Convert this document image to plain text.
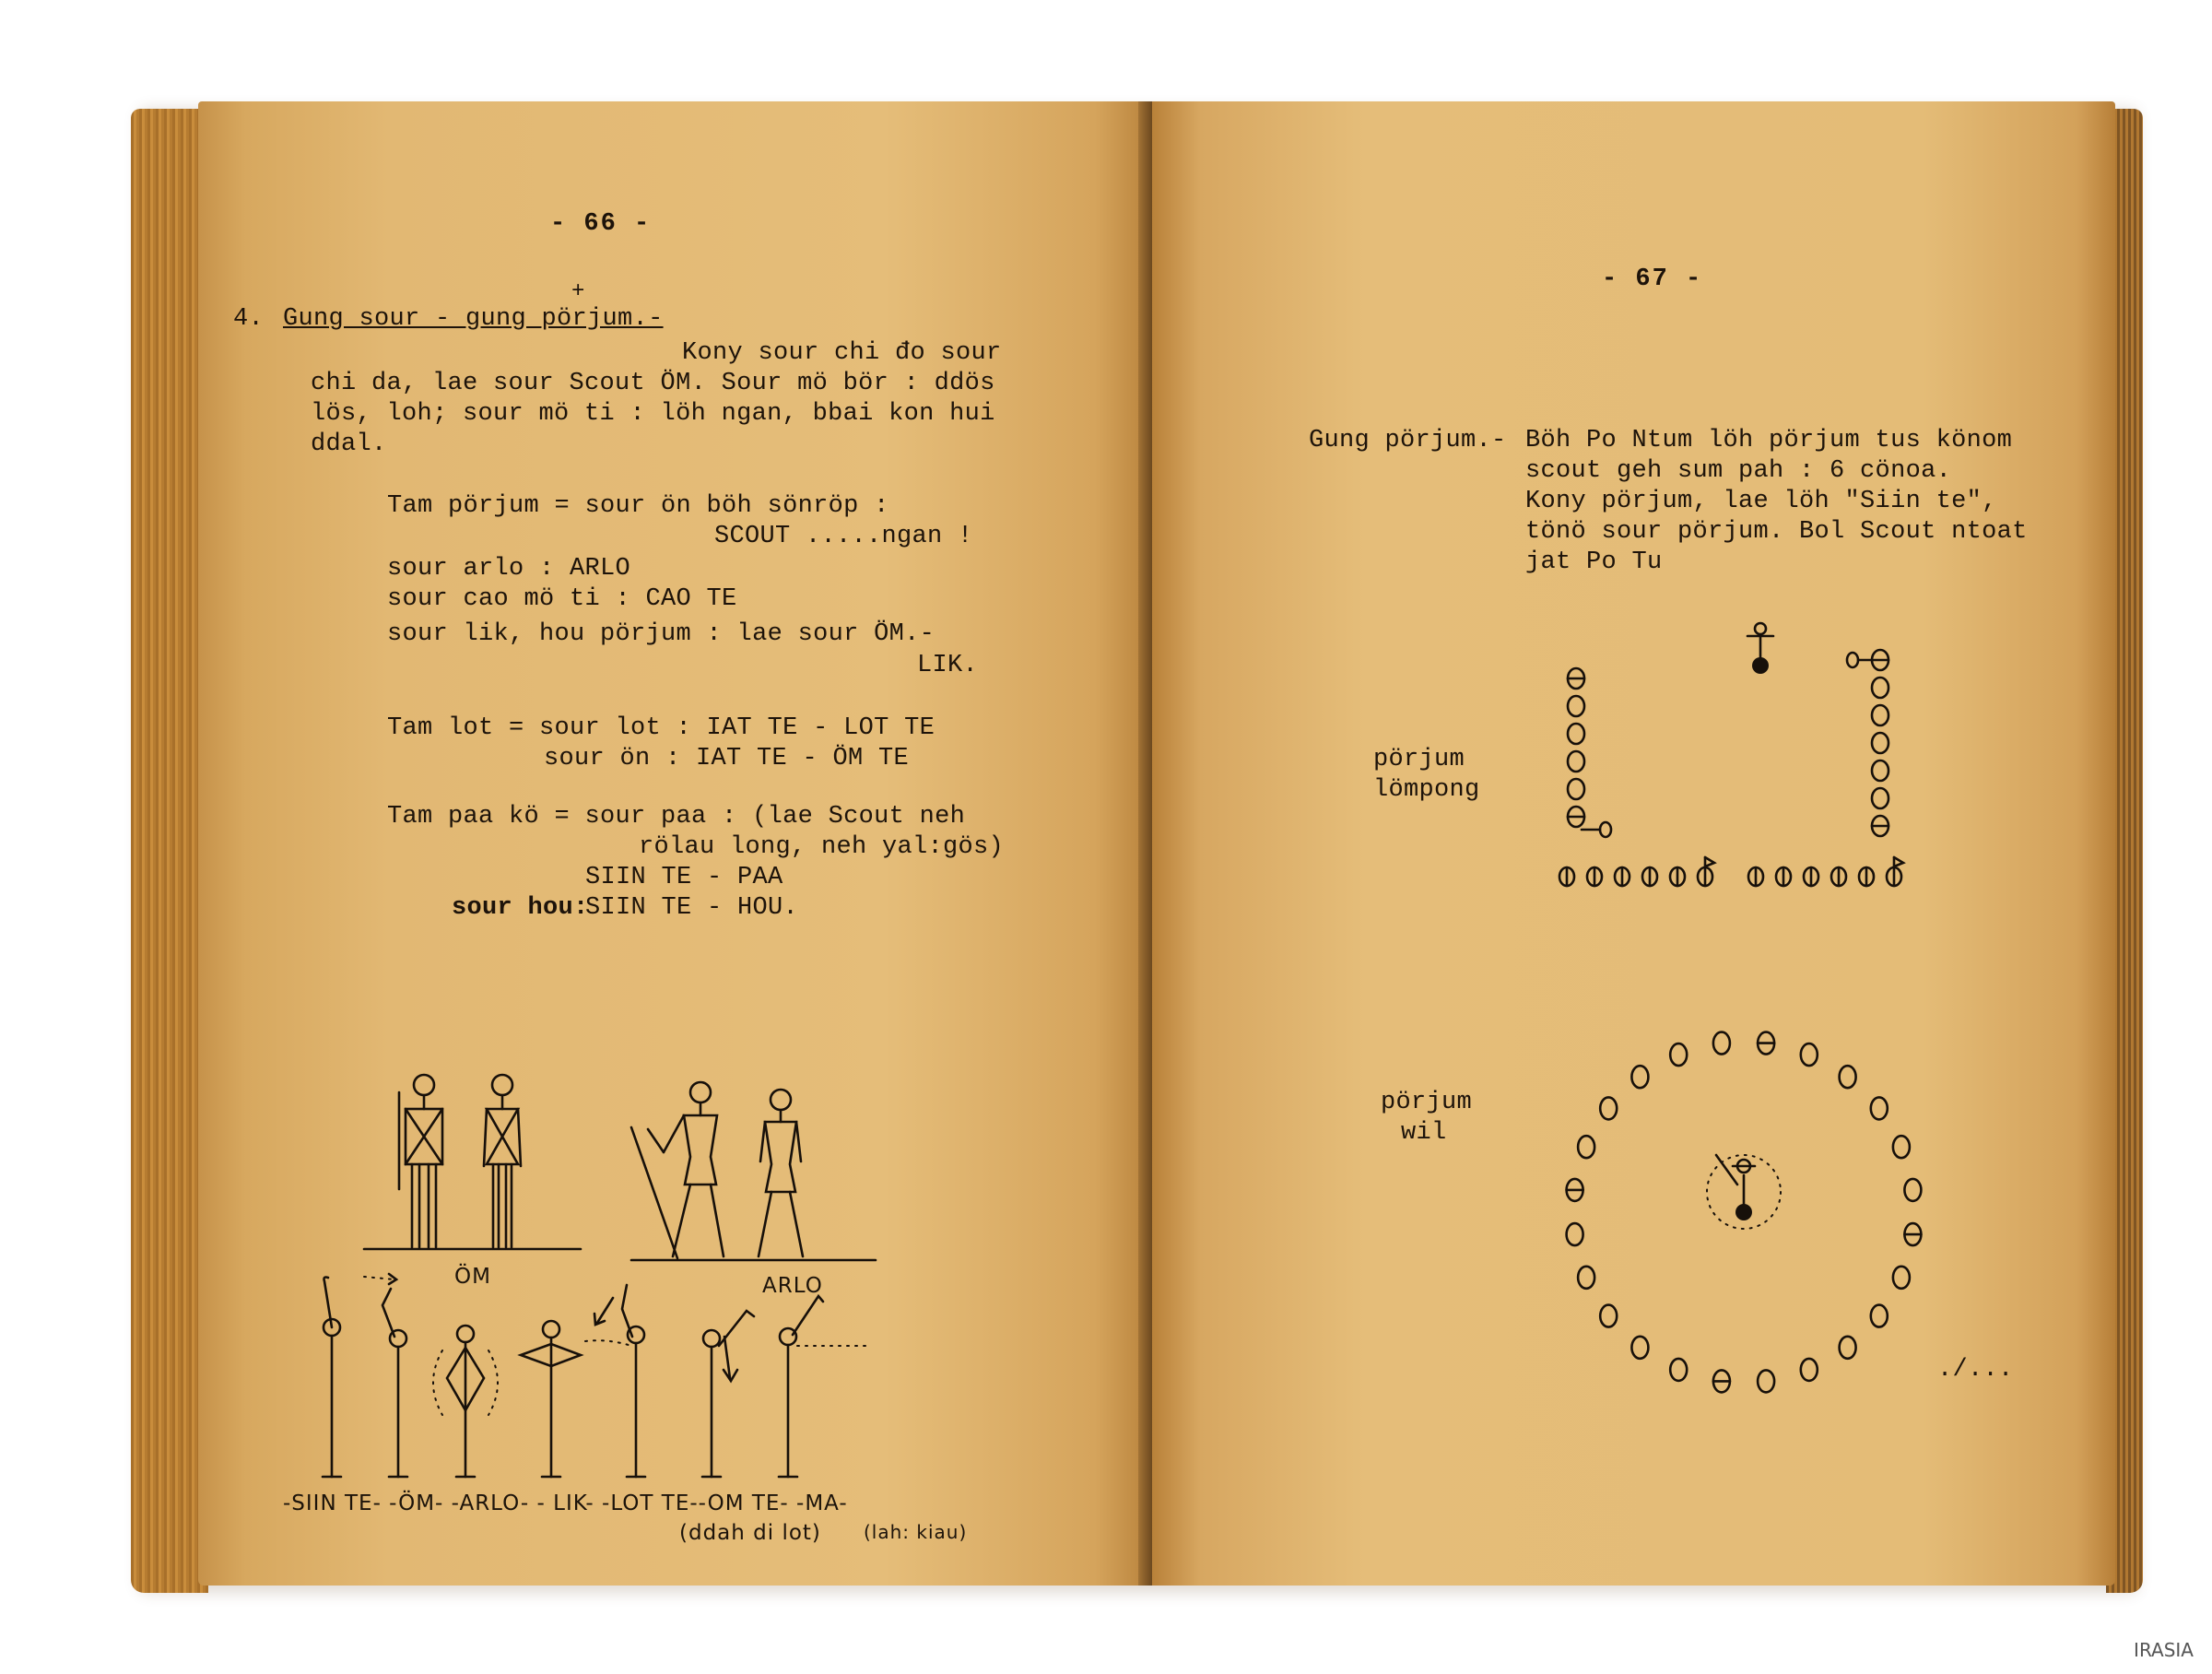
- 66 -
+
4. Gung sour - gung pörjum.-
Kony sour chi đo sour
chi da, lae sour Scout ÖM. Sour mö bör : ddös
lös, loh; sour mö ti : löh ngan, bbai kon hui
ddal.
Tam pörjum = sour ön böh sönröp :
SCOUT .....ngan !
sour arlo : ARLO
sour cao mö ti : CAO TE
sour lik, hou pörjum : lae sour ÖM.-
LIK.
Tam lot = sour lot : IAT TE - LOT TE
sour ön : IAT TE - ÖM TE
Tam paa kö = sour paa : (lae Scout neh
rölau long, neh yal:gös)
SIIN TE - PAA
sour hou:
SIIN TE - HOU.
ÖM	ARLO
-SIIN TE- -ÖM- -ARLO- - LIK- -LOT TE--OM TE- -MA-
(ddah di lot) (lah: kiau)
- 67 -
Gung pörjum.- Böh Po Ntum löh pörjum tus könom
scout geh sum pah : 6 cönoa.
Kony pörjum, lae löh "Siin te",
tönö sour pörjum. Bol Scout ntoat
jat Po Tu
pörjum
lömpong
pörjum
wil
./...
IRASIA
